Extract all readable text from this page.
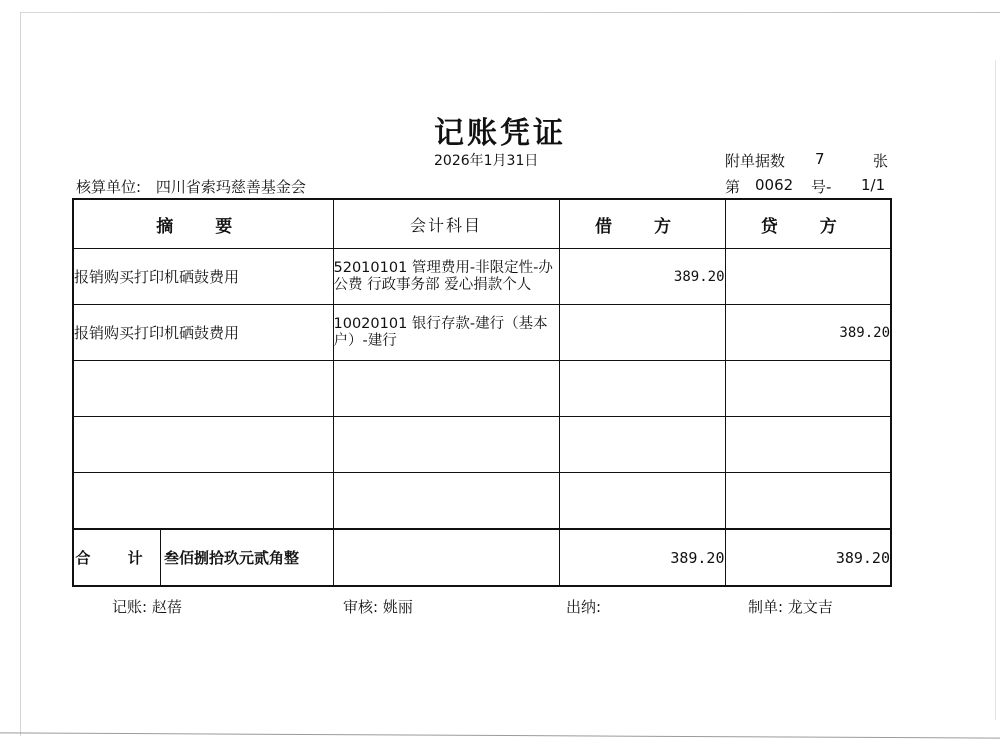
记账凭证
2026年1月31日	附单据数 7	张
核算单位: 四川省索玛慈善基金会	第 0062 号- 1/1
摘 要	会计科目	借 方	贷 方
报销购买打印机硒鼓费用	52010101 管理费用-非限定性-办公费 行政事务部 爱心捐款个人	389.20	
报销购买打印机硒鼓费用	10020101 银行存款-建行（基本户）-建行		389.20

合 计 叁佰捌拾玖元贰角整		389.20	389.20
记账: 赵蓓	审核: 姚丽	出纳:	制单: 龙文吉
